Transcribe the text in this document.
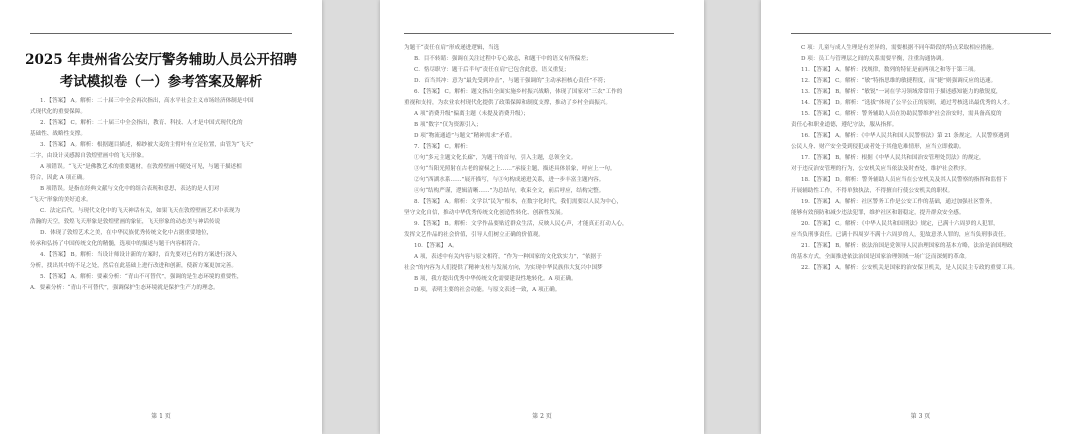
2025 年贵州省公安厅警务辅助人员公开招聘
考试模拟卷（一）参考答案及解析
1．【答案】 A。解析：二十届三中全会再次指出，高水平社会主义市场经济体制是中国
式现代化的重要保障。
2．【答案】 C。解析：二十届三中全会指出，教育、科技、人才是中国式现代化的
基础性、战略性支撑。
3．【答案】 A。解析：根据题目描述，棉纱被大麦的主臂叶有立足位置，由管为“飞天”
二字，由设计灵感源自敦煌壁画中的飞天形象。
A 项错误。“飞天”是佛教艺术的重要题材，在敦煌壁画中随处可见，与题干描述相
符合，因此 A 项正确。
B 项错误。是指在经典文献与文化中的组合表现和意思，表达的是人们对
“飞天”形象的美好追求。
C．法定后代。与现代文化中的飞天神话有关，如果飞天在敦煌壁画艺术中表现为
浩瀚的天空，敦煌飞天形象是敦煌壁画的象征，飞天形象的动态美与神话传说
D．体现了敦煌艺术之美，在中华民族优秀传统文化中占据重要地位，
传承和弘扬了中国传统文化的精髓，选项中的描述与题干内容相符合。
4．【答案】 B。解析：当设计师设计新的方案时，首先要对已有的方案进行深入
分析，找出其中的不足之处，然后在此基础上进行改进和创新，使新方案更加完善。
5．【答案】 A。解析：要素分析：“青山不可替代”，强调的是生态环境的重要性，
A．要素分析：“青山不可替代”，强调保护生态环境就是保护生产力的理念。
第 1 页
为题干“责任在肩”形成递进逻辑，当选
B．目不转睛：强调在关注过程中专心致志，和题干中的语义有所偏差；
C．恪尽职守：题干后半句“责任在肩”已包含此意，语义重复；
D．首当其冲：意为“最先受到冲击”，与题干强调的“主动承担核心责任”不符；
6．【答案】 C。解析：题文指出全面实施乡村振兴战略，体现了国家对“三农”工作的
重视和支持，为农业农村现代化提供了政策保障和制度支撑，推动了乡村全面振兴。
A 项“消费升级”偏离主题（未提及消费升级）；
B 项“数字”仅为资源引入；
D 项“物流通道”与题文“精神需求”矛盾。
7．【答案】 C。解析：
①句“多元主题文化长廊”，为题干的首句，引入主题，总领全文。
③句“当阳光照射在古老的窗棂之上……”承接主题，描述具体景象，呼应上一句。
②句“西湖水系……”展开描写，与③句构成递进关系，进一步丰富主题内容。
④句“结构严谨，逻辑清晰……”为总结句，收束全文，前后呼应，结构完整。
8．【答案】 A。解析：文学以“民为”根本，在数字化时代，我们需要以人民为中心，
坚守文化自信，推动中华优秀传统文化创造性转化、创新性发展。
9．【答案】 B。解析：文学作品要贴近群众生活，反映人民心声，才能真正打动人心，
发挥文艺作品的社会价值，引导人们树立正确的价值观。
10．【答案】 A。
A 项，表述中有关内容与原文相符，“作为一种国家的文化软实力”，“依据于
社会”的内容为人们提供了精神支柱与发展方向，为实现中华民族伟大复兴中国梦
B 项，我方提出优秀中华传统文化需要建设性地转化。A 项正确。
D 项，表明主要的社会功能。与原文表述一致，A 项正确。
第 2 页
C 项：儿童与成人生理是有差异的，需要根据不同年龄段的特点采取相应措施。
D 项：员工与管理层之间的关系需要平衡，注重沟通协调。
11．【答案】 A。解析：找规律，数列的特征是前两项之和等于第三项。
12．【答案】 C。解析：“敏”特指思维的敏捷程度，而“捷”则强调反应的迅速。
13．【答案】 B。解析：“敏锐”一词在学习领域常常用于描述感知能力的敏锐度，
14．【答案】 D。解析：“选拔”体现了公平公正的原则，通过考核选出最优秀的人才。
15．【答案】 C。解析：警务辅助人员在协助民警维护社会治安时，需具备高度的
责任心和职业道德，遵纪守法，服从指挥。
16．【答案】 A。解析：《中华人民共和国人民警察法》第 21 条规定，人民警察遇到
公民人身、财产安全受到侵犯或者处于其他危难情形，应当立即救助。
17．【答案】 B。解析：根据《中华人民共和国治安管理处罚法》的规定，
对于违反治安管理的行为，公安机关应当依法及时查处，维护社会秩序。
18．【答案】 D。解析：警务辅助人员应当在公安机关及其人民警察的指挥和监督下
开展辅助性工作，不得单独执法，不得擅自行使公安机关的职权。
19．【答案】 A。解析：社区警务工作是公安工作的基础，通过加强社区警务，
能够有效预防和减少违法犯罪，维护社区和谐稳定，提升群众安全感。
20．【答案】 C。解析：《中华人民共和国刑法》规定，已满十六周岁的人犯罪，
应当负刑事责任。已满十四周岁不满十六周岁的人，犯故意杀人罪的，应当负刑事责任。
21．【答案】 B。解析：依法治国是党领导人民治理国家的基本方略，法治是治国理政
的基本方式，全面推进依法治国是国家治理领域一场广泛而深刻的革命。
22．【答案】 A。解析：公安机关是国家的治安保卫机关，是人民民主专政的重要工具。
第 3 页
